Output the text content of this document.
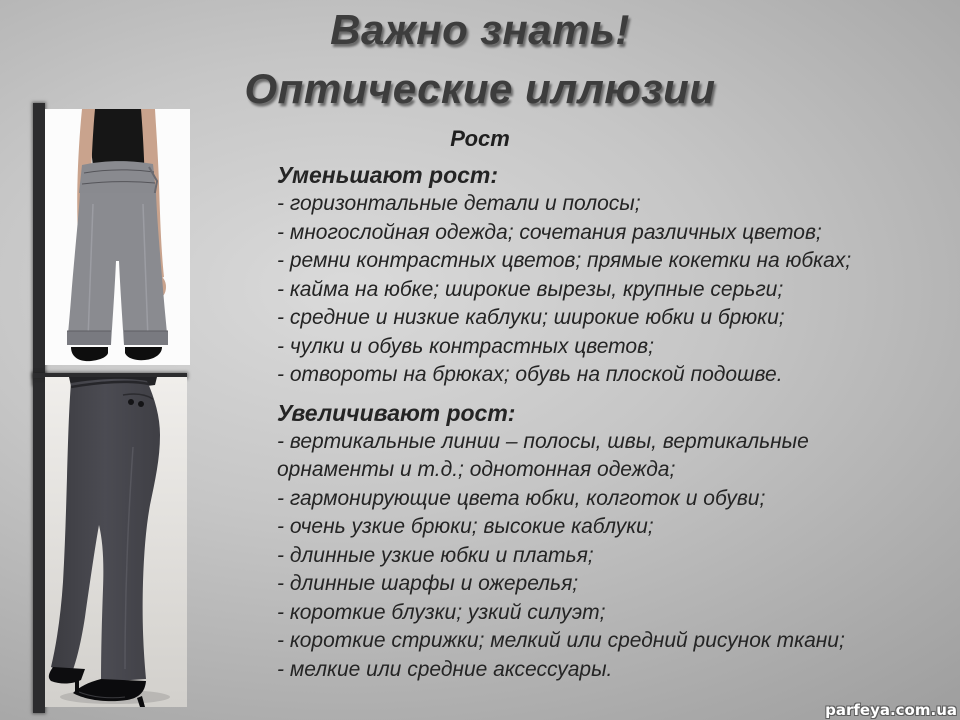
Важно знать!
Оптические иллюзии
Рост
Уменьшают рост:
- горизонтальные детали и полосы;
- многослойная одежда; сочетания различных цветов;
- ремни контрастных цветов; прямые кокетки на юбках;
- кайма на юбке; широкие вырезы, крупные серьги;
- средние и низкие каблуки; широкие юбки и брюки;
- чулки и обувь контрастных цветов;
- отвороты на брюках; обувь на плоской подошве.
Увеличивают рост:
- вертикальные линии – полосы, швы, вертикальные
орнаменты и т.д.; однотонная одежда;
- гармонирующие цвета юбки, колготок и обуви;
- очень узкие брюки; высокие каблуки;
- длинные узкие юбки и платья;
- длинные шарфы и ожерелья;
- короткие блузки; узкий силуэт;
- короткие стрижки; мелкий или средний рисунок ткани;
- мелкие или средние аксессуары.
parfeya.com.ua
